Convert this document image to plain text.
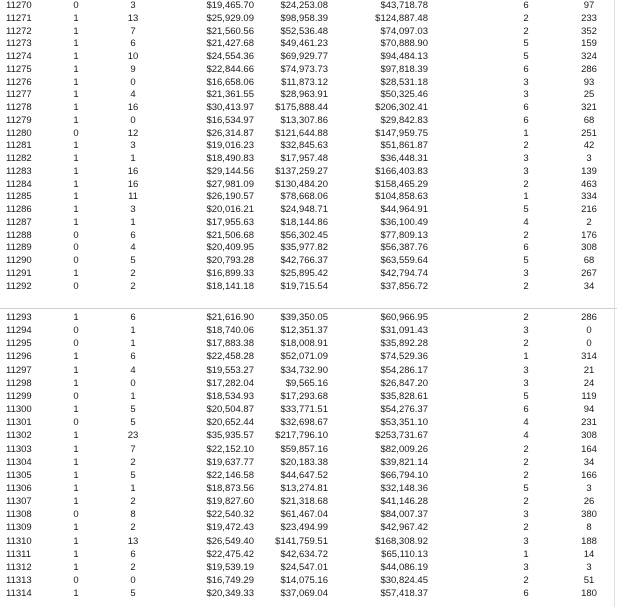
11270	0	3	$19,465.70	$24,253.08	$43,718.78	6	97
11271	1	13	$25,929.09	$98,958.39	$124,887.48	2	233
11272	1	7	$21,560.56	$52,536.48	$74,097.03	2	352
11273	1	6	$21,427.68	$49,461.23	$70,888.90	5	159
11274	1	10	$24,554.36	$69,929.77	$94,484.13	5	324
11275	1	9	$22,844.66	$74,973.73	$97,818.39	6	286
11276	1	0	$16,658.06	$11,873.12	$28,531.18	3	93
11277	1	4	$21,361.55	$28,963.91	$50,325.46	3	25
11278	1	16	$30,413.97	$175,888.44	$206,302.41	6	321
11279	1	0	$16,534.97	$13,307.86	$29,842.83	6	68
11280	0	12	$26,314.87	$121,644.88	$147,959.75	1	251
11281	1	3	$19,016.23	$32,845.63	$51,861.87	2	42
11282	1	1	$18,490.83	$17,957.48	$36,448.31	3	3
11283	1	16	$29,144.56	$137,259.27	$166,403.83	3	139
11284	1	16	$27,981.09	$130,484.20	$158,465.29	2	463
11285	1	11	$26,190.57	$78,668.06	$104,858.63	1	334
11286	1	3	$20,016.21	$24,948.71	$44,964.91	5	216
11287	1	1	$17,955.63	$18,144.86	$36,100.49	4	2
11288	0	6	$21,506.68	$56,302.45	$77,809.13	2	176
11289	0	4	$20,409.95	$35,977.82	$56,387.76	6	308
11290	0	5	$20,793.28	$42,766.37	$63,559.64	5	68
11291	1	2	$16,899.33	$25,895.42	$42,794.74	3	267
11292	0	2	$18,141.18	$19,715.54	$37,856.72	2	34
11293	1	6	$21,616.90	$39,350.05	$60,966.95	2	286
11294	0	1	$18,740.06	$12,351.37	$31,091.43	3	0
11295	0	1	$17,883.38	$18,008.91	$35,892.28	2	0
11296	1	6	$22,458.28	$52,071.09	$74,529.36	1	314
11297	1	4	$19,553.27	$34,732.90	$54,286.17	3	21
11298	1	0	$17,282.04	$9,565.16	$26,847.20	3	24
11299	0	1	$18,534.93	$17,293.68	$35,828.61	5	119
11300	1	5	$20,504.87	$33,771.51	$54,276.37	6	94
11301	0	5	$20,652.44	$32,698.67	$53,351.10	4	231
11302	1	23	$35,935.57	$217,796.10	$253,731.67	4	308
11303	1	7	$22,152.10	$59,857.16	$82,009.26	2	164
11304	1	2	$19,637.77	$20,183.38	$39,821.14	2	34
11305	1	5	$22,146.58	$44,647.52	$66,794.10	2	166
11306	1	1	$18,873.56	$13,274.81	$32,148.36	5	3
11307	1	2	$19,827.60	$21,318.68	$41,146.28	2	26
11308	0	8	$22,540.32	$61,467.04	$84,007.37	3	380
11309	1	2	$19,472.43	$23,494.99	$42,967.42	2	8
11310	1	13	$26,549.40	$141,759.51	$168,308.92	3	188
11311	1	6	$22,475.42	$42,634.72	$65,110.13	1	14
11312	1	2	$19,539.19	$24,547.01	$44,086.19	3	3
11313	0	0	$16,749.29	$14,075.16	$30,824.45	2	51
11314	1	5	$20,349.33	$37,069.04	$57,418.37	6	180
